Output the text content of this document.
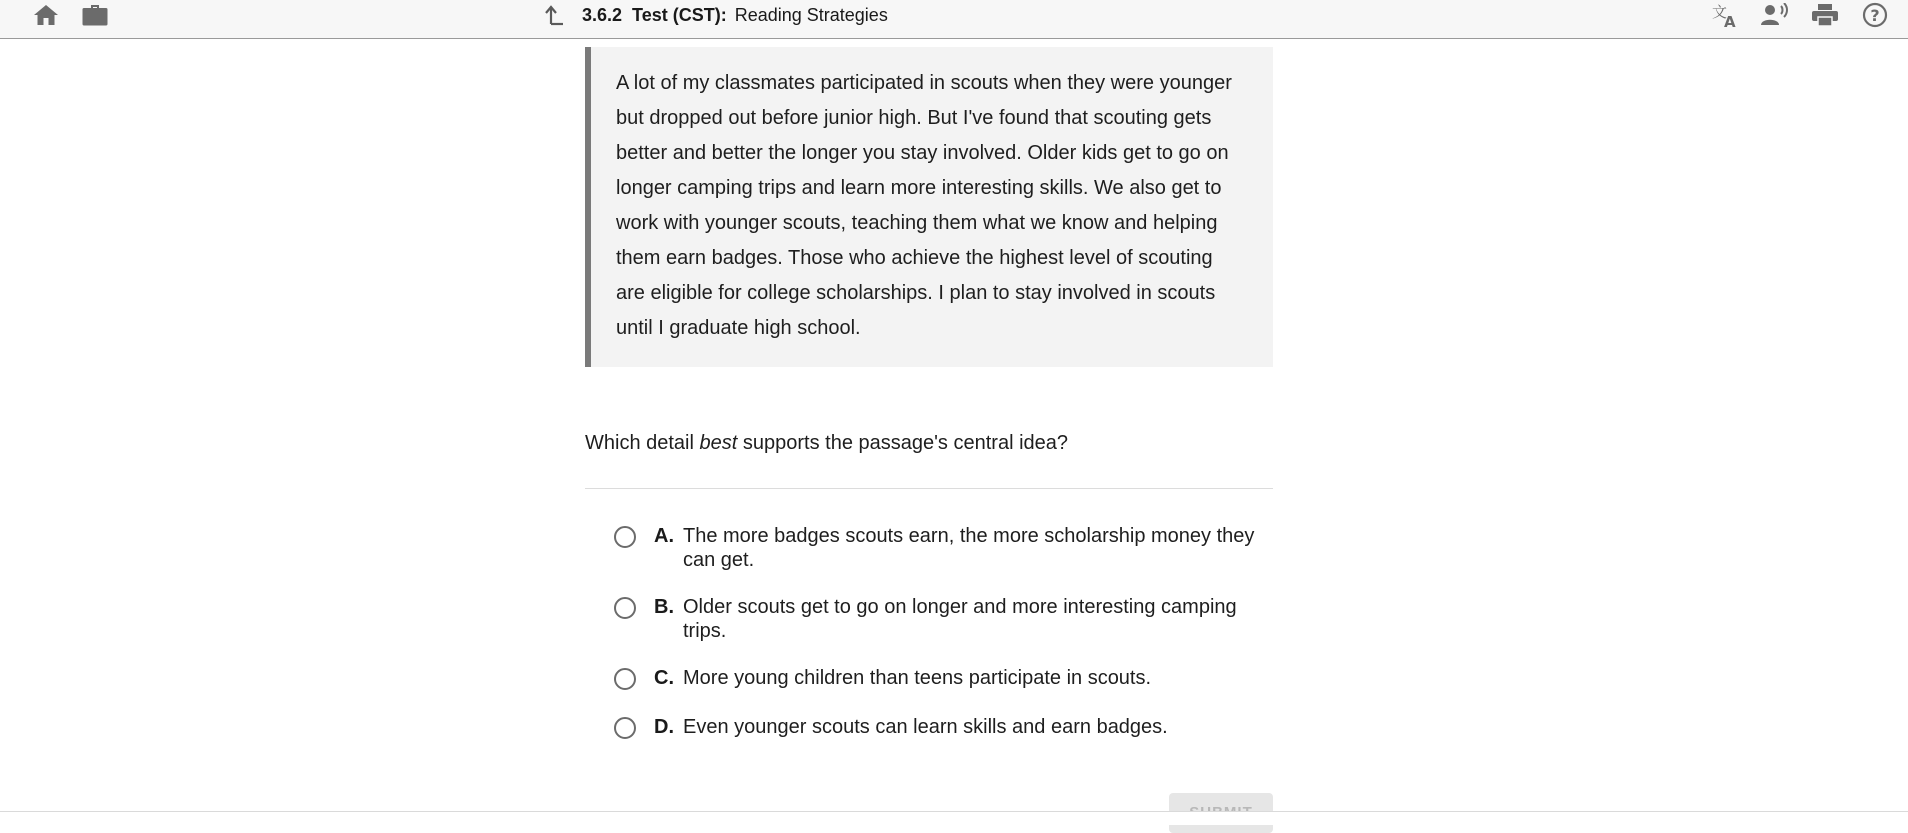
3.6.2 Test (CST): Reading Strategies	文
A	?

A lot of my classmates participated in scouts when they were younger
but dropped out before junior high. But I've found that scouting gets
better and better the longer you stay involved. Older kids get to go on
longer camping trips and learn more interesting skills. We also get to
work with younger scouts, teaching them what we know and helping
them earn badges. Those who achieve the highest level of scouting
are eligible for college scholarships. I plan to stay involved in scouts
until I graduate high school.

Which detail best supports the passage's central idea?
A. The more badges scouts earn, the more scholarship money they can get.
B. Older scouts get to go on longer and more interesting camping trips.
C. More young children than teens participate in scouts.
D. Even younger scouts can learn skills and earn badges.
